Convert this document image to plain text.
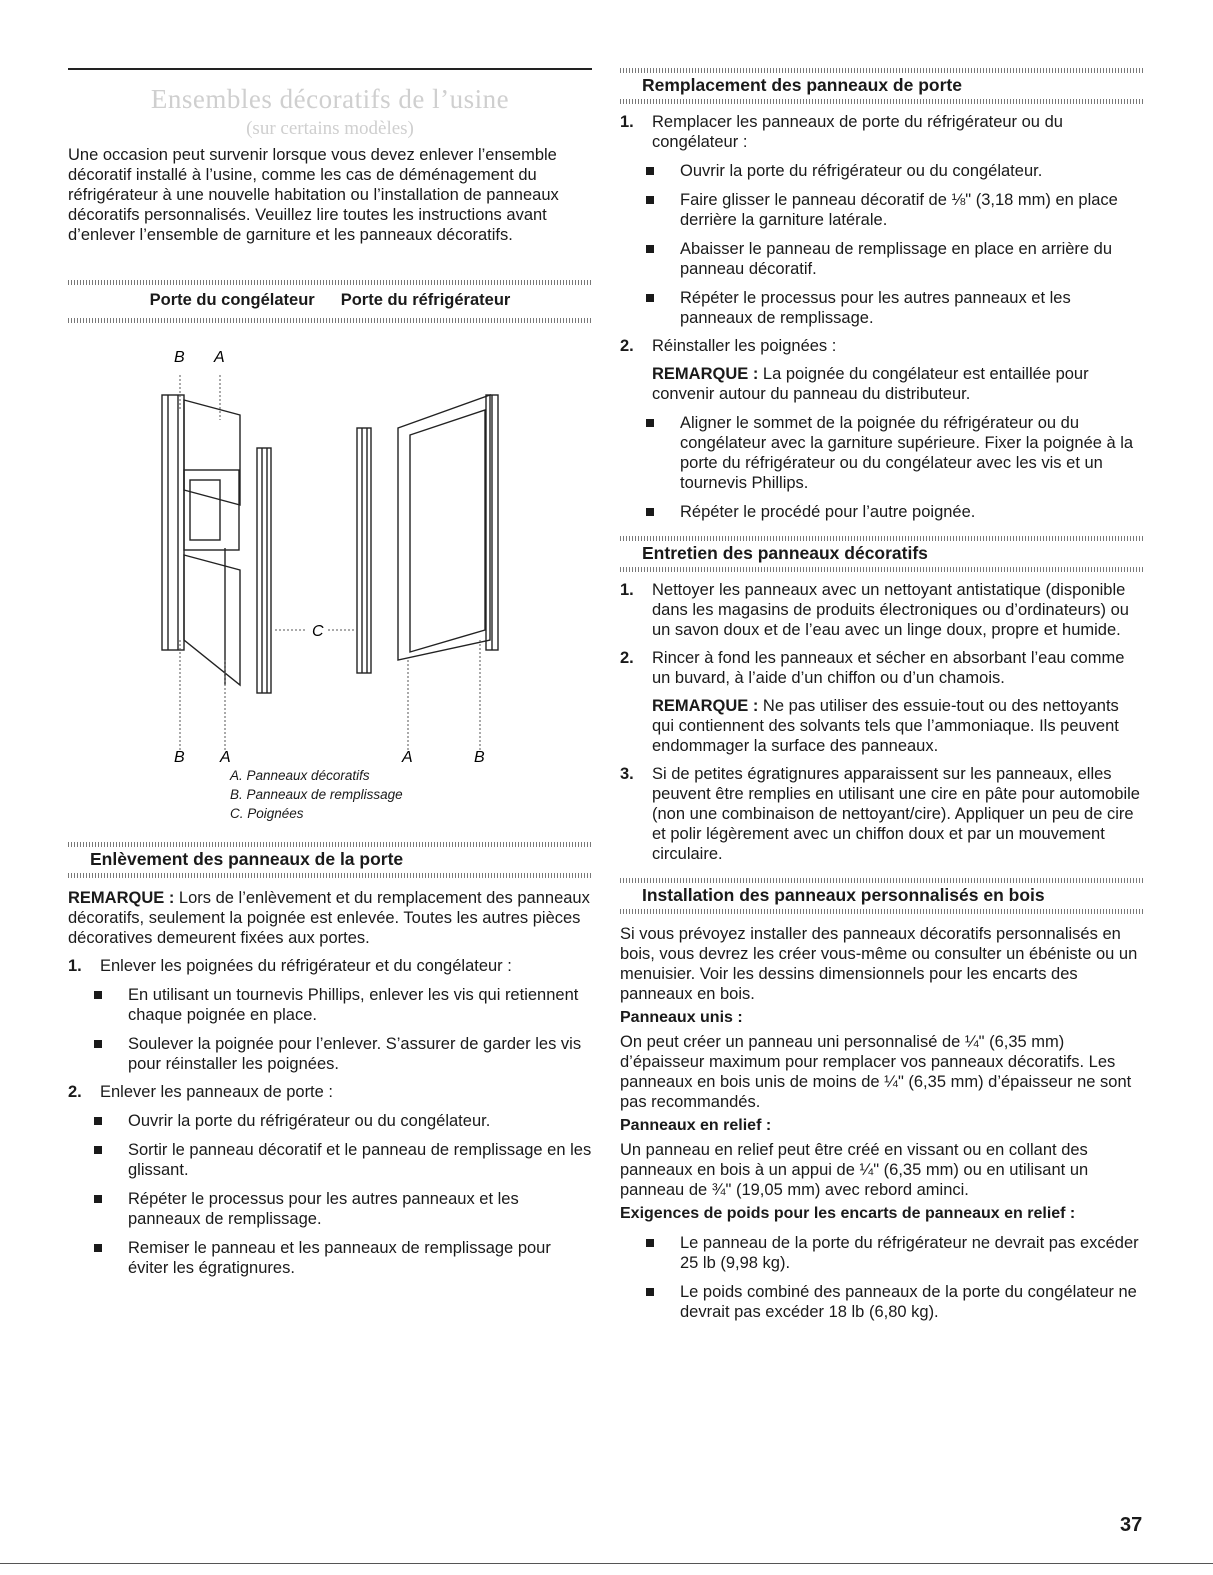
Ensembles décoratifs de l’usine
(sur certains modèles)

Une occasion peut survenir lorsque vous devez enlever l’ensemble décoratif installé à l’usine, comme les cas de déménagement du réfrigérateur à une nouvelle habitation ou l’installation de panneaux décoratifs personnalisés. Veuillez lire toutes les instructions avant d’enlever l’ensemble de garniture et les panneaux décoratifs.

Porte du congélateur Porte du réfrigérateur
B A
C
B A	A	B
A. Panneaux décoratifs
B. Panneaux de remplissage
C. Poignées
Enlèvement des panneaux de la porte

REMARQUE : Lors de l’enlèvement et du remplacement des panneaux décoratifs, seulement la poignée est enlevée. Toutes les autres pièces décoratives demeurent fixées aux portes.

1. Enlever les poignées du réfrigérateur et du congélateur :
En utilisant un tournevis Phillips, enlever les vis qui retiennent chaque poignée en place.
Soulever la poignée pour l’enlever. S’assurer de garder les vis pour réinstaller les poignées.
2. Enlever les panneaux de porte :
Ouvrir la porte du réfrigérateur ou du congélateur.
Sortir le panneau décoratif et le panneau de remplissage en les glissant.
Répéter le processus pour les autres panneaux et les panneaux de remplissage.
Remiser le panneau et les panneaux de remplissage pour éviter les égratignures.
Remplacement des panneaux de porte
1. Remplacer les panneaux de porte du réfrigérateur ou du congélateur :
Ouvrir la porte du réfrigérateur ou du congélateur.
Faire glisser le panneau décoratif de ⅛" (3,18 mm) en place derrière la garniture latérale.
Abaisser le panneau de remplissage en place en arrière du panneau décoratif.
Répéter le processus pour les autres panneaux et les panneaux de remplissage.
2. Réinstaller les poignées :

REMARQUE : La poignée du congélateur est entaillée pour convenir autour du panneau du distributeur.

Aligner le sommet de la poignée du réfrigérateur ou du congélateur avec la garniture supérieure. Fixer la poignée à la porte du réfrigérateur ou du congélateur avec les vis et un tournevis Phillips.
Répéter le procédé pour l’autre poignée.
Entretien des panneaux décoratifs
1. Nettoyer les panneaux avec un nettoyant antistatique (disponible dans les magasins de produits électroniques ou d’ordinateurs) ou un savon doux et de l’eau avec un linge doux, propre et humide.
2. Rincer à fond les panneaux et sécher en absorbant l’eau comme un buvard, à l’aide d’un chiffon ou d’un chamois.

REMARQUE : Ne pas utiliser des essuie-tout ou des nettoyants qui contiennent des solvants tels que l’ammoniaque. Ils peuvent endommager la surface des panneaux.

3. Si de petites égratignures apparaissent sur les panneaux, elles peuvent être remplies en utilisant une cire en pâte pour automobile (non une combinaison de nettoyant/cire). Appliquer un peu de cire et polir légèrement avec un chiffon doux et par un mouvement circulaire.
Installation des panneaux personnalisés en bois

Si vous prévoyez installer des panneaux décoratifs personnalisés en bois, vous devrez les créer vous-même ou consulter un ébéniste ou un menuisier. Voir les dessins dimensionnels pour les encarts des panneaux en bois.

Panneaux unis :

On peut créer un panneau uni personnalisé de ¼" (6,35 mm) d’épaisseur maximum pour remplacer vos panneaux décoratifs. Les panneaux en bois unis de moins de ¼" (6,35 mm) d’épaisseur ne sont pas recommandés.

Panneaux en relief :

Un panneau en relief peut être créé en vissant ou en collant des panneaux en bois à un appui de ¼" (6,35 mm) ou en utilisant un panneau de ¾" (19,05 mm) avec rebord aminci.

Exigences de poids pour les encarts de panneaux en relief :
Le panneau de la porte du réfrigérateur ne devrait pas excéder 25 lb (9,98 kg).
Le poids combiné des panneaux de la porte du congélateur ne devrait pas excéder 18 lb (6,80 kg).
37
